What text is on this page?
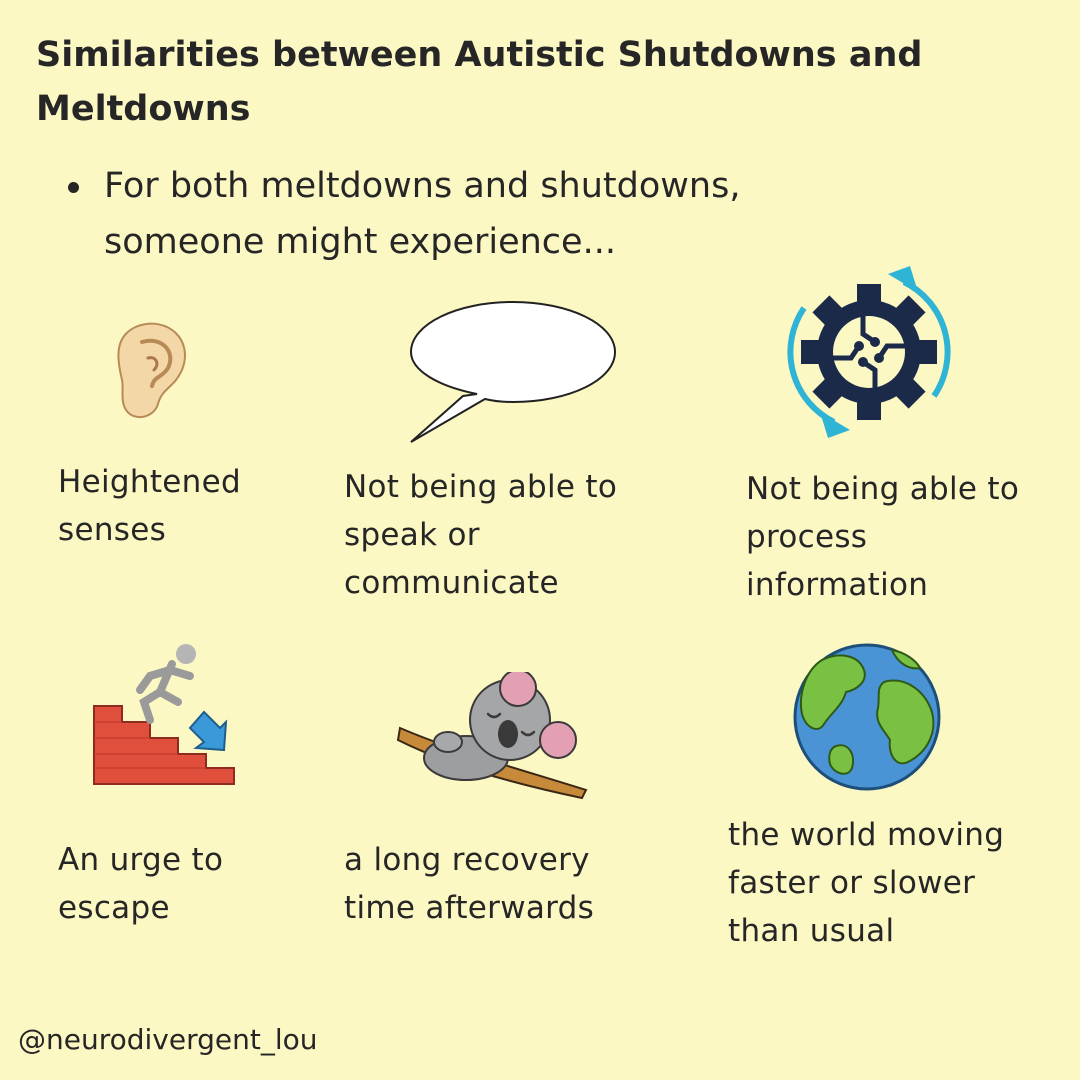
Similarities between Autistic Shutdowns and Meltdowns
For both meltdowns and shutdowns,
someone might experience...
Heightened
senses
Not being able to
speak or
communicate
Not being able to
process
information
An urge to
escape
a long recovery
time afterwards
the world moving
faster or slower
than usual
@neurodivergent_lou
